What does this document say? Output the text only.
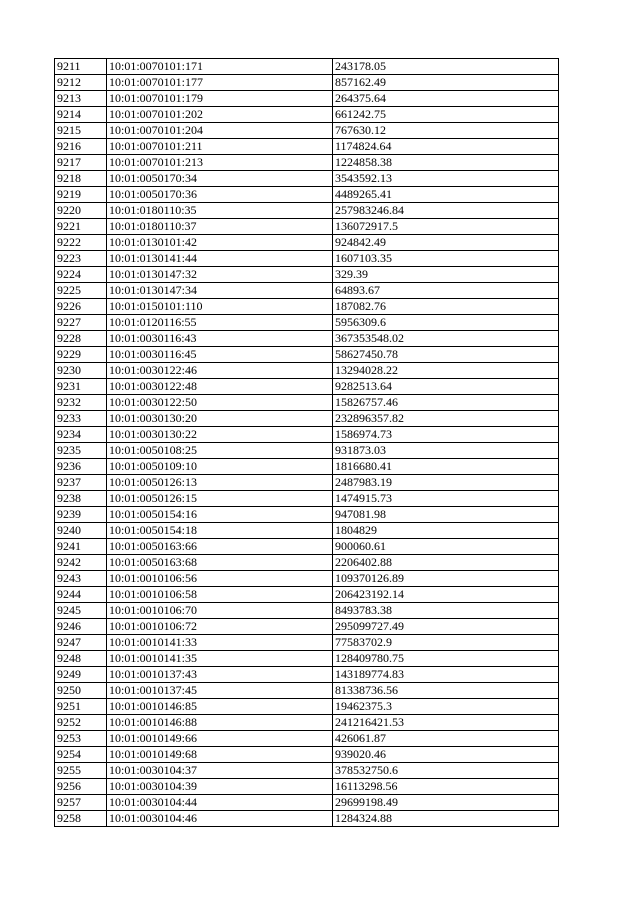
9211	10:01:0070101:171	243178.05
9212	10:01:0070101:177	857162.49
9213	10:01:0070101:179	264375.64
9214	10:01:0070101:202	661242.75
9215	10:01:0070101:204	767630.12
9216	10:01:0070101:211	1174824.64
9217	10:01:0070101:213	1224858.38
9218	10:01:0050170:34	3543592.13
9219	10:01:0050170:36	4489265.41
9220	10:01:0180110:35	257983246.84
9221	10:01:0180110:37	136072917.5
9222	10:01:0130101:42	924842.49
9223	10:01:0130141:44	1607103.35
9224	10:01:0130147:32	329.39
9225	10:01:0130147:34	64893.67
9226	10:01:0150101:110	187082.76
9227	10:01:0120116:55	5956309.6
9228	10:01:0030116:43	367353548.02
9229	10:01:0030116:45	58627450.78
9230	10:01:0030122:46	13294028.22
9231	10:01:0030122:48	9282513.64
9232	10:01:0030122:50	15826757.46
9233	10:01:0030130:20	232896357.82
9234	10:01:0030130:22	1586974.73
9235	10:01:0050108:25	931873.03
9236	10:01:0050109:10	1816680.41
9237	10:01:0050126:13	2487983.19
9238	10:01:0050126:15	1474915.73
9239	10:01:0050154:16	947081.98
9240	10:01:0050154:18	1804829
9241	10:01:0050163:66	900060.61
9242	10:01:0050163:68	2206402.88
9243	10:01:0010106:56	109370126.89
9244	10:01:0010106:58	206423192.14
9245	10:01:0010106:70	8493783.38
9246	10:01:0010106:72	295099727.49
9247	10:01:0010141:33	77583702.9
9248	10:01:0010141:35	128409780.75
9249	10:01:0010137:43	143189774.83
9250	10:01:0010137:45	81338736.56
9251	10:01:0010146:85	19462375.3
9252	10:01:0010146:88	241216421.53
9253	10:01:0010149:66	426061.87
9254	10:01:0010149:68	939020.46
9255	10:01:0030104:37	378532750.6
9256	10:01:0030104:39	16113298.56
9257	10:01:0030104:44	29699198.49
9258	10:01:0030104:46	1284324.88
